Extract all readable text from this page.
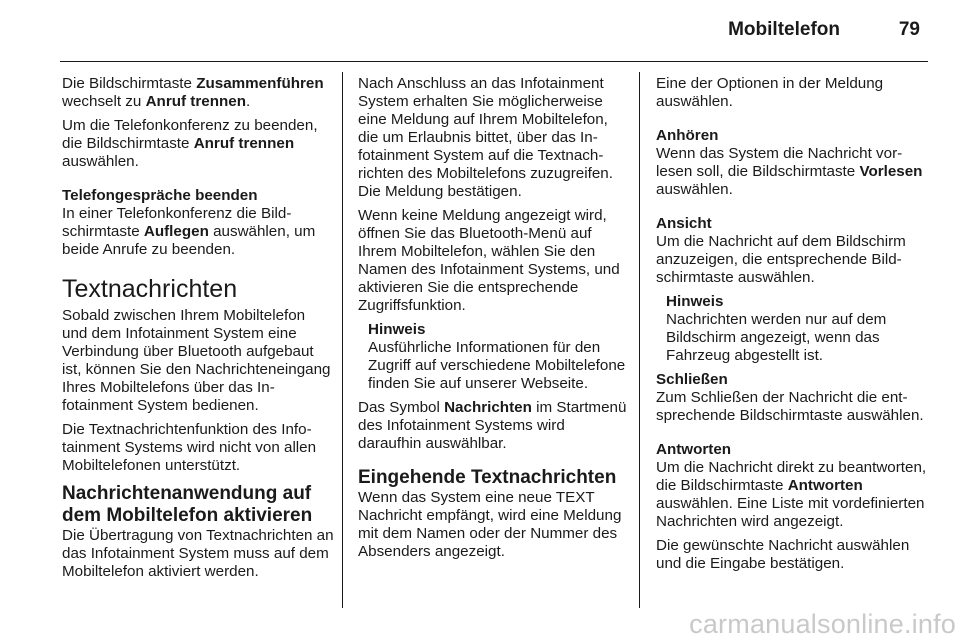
Mobiltelefon	79

Die Bildschirmtaste Zusammenführen wechselt zu Anruf trennen.

Um die Telefonkonferenz zu beenden, die Bildschirmtaste Anruf trennen auswählen.

Telefongespräche beenden

In einer Telefonkonferenz die Bildschirmtaste Auflegen auswählen, um beide Anrufe zu beenden.

Textnachrichten

Sobald zwischen Ihrem Mobiltelefon und dem Infotainment System eine Verbindung über Bluetooth aufgebaut ist, können Sie den Nachrichteneingang Ihres Mobiltelefons über das Infotainment System bedienen.

Die Textnachrichtenfunktion des Infotainment Systems wird nicht von allen Mobiltelefonen unterstützt.

Nachrichtenanwendung auf dem Mobiltelefon aktivieren

Die Übertragung von Textnachrichten an das Infotainment System muss auf dem Mobiltelefon aktiviert werden.

Nach Anschluss an das Infotainment System erhalten Sie möglicherweise eine Meldung auf Ihrem Mobiltelefon, die um Erlaubnis bittet, über das Infotainment System auf die Textnachrichten des Mobiltelefons zuzugreifen. Die Meldung bestätigen.

Wenn keine Meldung angezeigt wird, öffnen Sie das Bluetooth-Menü auf Ihrem Mobiltelefon, wählen Sie den Namen des Infotainment Systems, und aktivieren Sie die entsprechende Zugriffsfunktion.

Hinweis
Ausführliche Informationen für den Zugriff auf verschiedene Mobiltelefone finden Sie auf unserer Webseite.

Das Symbol Nachrichten im Startmenü des Infotainment Systems wird daraufhin auswählbar.

Eingehende Textnachrichten

Wenn das System eine neue TEXT Nachricht empfängt, wird eine Meldung mit dem Namen oder der Nummer des Absenders angezeigt.

Eine der Optionen in der Meldung auswählen.

Anhören

Wenn das System die Nachricht vorlesen soll, die Bildschirmtaste Vorlesen auswählen.

Ansicht

Um die Nachricht auf dem Bildschirm anzuzeigen, die entsprechende Bildschirmtaste auswählen.

Hinweis
Nachrichten werden nur auf dem Bildschirm angezeigt, wenn das Fahrzeug abgestellt ist.

Schließen

Zum Schließen der Nachricht die entsprechende Bildschirmtaste auswählen.

Antworten

Um die Nachricht direkt zu beantworten, die Bildschirmtaste Antworten auswählen. Eine Liste mit vordefinierten Nachrichten wird angezeigt.

Die gewünschte Nachricht auswählen und die Eingabe bestätigen.

carmanualsonline.info
